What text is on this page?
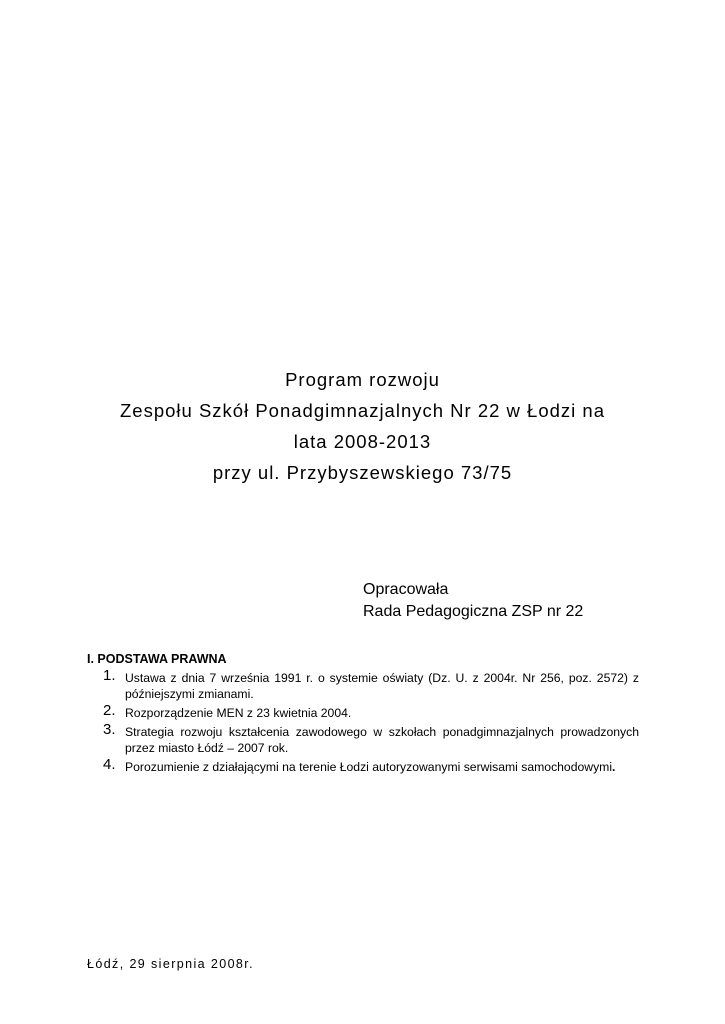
Program rozwoju
Zespołu Szkół Ponadgimnazjalnych Nr 22 w Łodzi na
lata 2008-2013
przy ul. Przybyszewskiego 73/75
Opracowała
Rada Pedagogiczna ZSP nr 22
I. PODSTAWA PRAWNA
1. Ustawa z dnia 7 września 1991 r. o systemie oświaty (Dz. U. z 2004r. Nr 256, poz. 2572) z późniejszymi zmianami.
2. Rozporządzenie MEN z 23 kwietnia 2004.
3. Strategia rozwoju kształcenia zawodowego w szkołach ponadgimnazjalnych prowadzonych przez miasto Łódź – 2007 rok.
4. Porozumienie z działającymi na terenie Łodzi autoryzowanymi serwisami samochodowymi.
Łódź, 29 sierpnia 2008r.
